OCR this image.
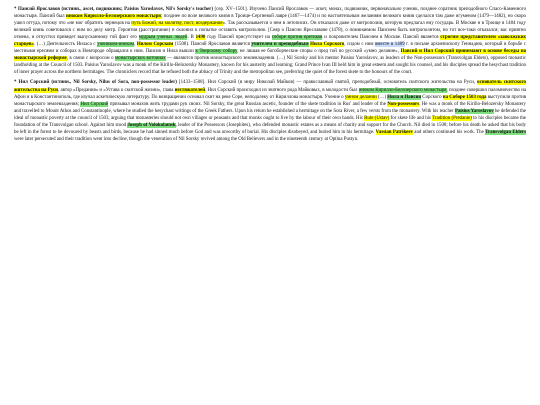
* Паисий Ярославов (истинн., ascet, подвижник; Paisius Yaroslavov, Nil's Sorsky's teacher) [сер. XV–1501]. Изучено Паисий Ярославов — аскет, монах, подвижник, первоначально ученик, позднее соратник преподобного Спасо-Каменного монастыря. Паисий был иноком Кирилло-Белозерского монастыря; позднее по воле великого князя в Троице-Сергиевой лавре (1467—1474) и по настоятельным желаниям великого князя сделался там даже игуменом (1479—1482), но скоро ушел оттуда, потому что «не мог обратить чернецов на путь Божий, на молитву, пост, воздержание». Так рассказывается о нем в летописях. Он отказался даже от митрополии, которую предлагал ему государь. В Москве и в Троице в 1484 году великий князь советовался с ним по делу митр. Геронтия (расстригание) и склонил к попытке оставить митрополию. [Сеяр о Паисии Ярославове (1478), о поминаемом Паисием быть митрополитом, но тот все-таки отказался; вас приятно отмена, и отпустил приведет выпусканному той факт его мудрым ученых людей. В 1490 году Паисий присутствует на соборе против еретиков и покровителем Паисием в Москве. Паисий является строгим представителем «заволжских старцев». (…) Деятельность Ниласа с учеником-иноком, Нилом Сорским (1508). Паисий Ярославов является учителем и преподобным Нила Сорского, сидом с ним вместе в 1489 г. в письме архиепископу Геннадию, который в борьбе с местными ересями и соборах в Новгороде обращался к ним. Паисия и Нила вышли к Тверскому собору, не лишая ее богоборческие споры о пред той по русский «умно делание», Паисий и Нил Сорский принимают в основе беседы по монастырской реформе, в связи с вопросом о монастырских вотчинах — являются против монастырского землевладения. (…) Nil Sorsky and his mentor Paisius Yaroslavov, as leaders of the Non-possessors (Transvolgan Elders), opposed monastic landholding at the Council of 1503. Paisius Yaroslavov was a monk of the Kirillo-Belozersky Monastery, known for his austerity and learning; Grand Prince Ivan III held him in great esteem and sought his counsel, and his disciples spread the hesychast tradition of inner prayer across the northern hermitages. The chroniclers record that he refused both the abbacy of Trinity and the metropolitan see, preferring the quiet of the forest skete to the honours of the court.

* Нил Сорский (истинн., Nil Sorsky, Nilus of Sora, non-possessor leader) [1433–1508]. Нил Сорский (в миру Николай Майков) — православный святой, преподобный, основатель скитского жительства на Руси, основатель скитского жительства на Руси, автор «Предания» и «Устава о скитской жизни», глава нестяжателей. Нил Сорский происходил из знатного рода Майковых, в молодости был иноком Кирилло-Белозерского монастыря, позднее совершил паломничество на Афон и в Константинополь, где изучал аскетическую литературу. По возвращении основал скит на реке Соре, неподалеку от Кириллова монастыря. Учение о умном делании (…) Нила и Паисия Сорского на Соборе 1503 года выступили против монастырского землевладения; Нил Сорский призывал монахов жить трудами рук своих. Nil Sorsky, the great Russian ascetic, founder of the skete tradition in Rus' and leader of the Non-possessors. He was a monk of the Kirillo-Belozersky Monastery and travelled to Mount Athos and Constantinople, where he studied the hesychast writings of the Greek Fathers. Upon his return he established a hermitage on the Sora River, a few versts from the monastery. With his teacher Paisius Yaroslavov he defended the ideal of monastic poverty at the council of 1503, arguing that monasteries should not own villages or peasants and that monks ought to live by the labour of their own hands. His Rule (Ustav) for skete life and his Tradition (Predanie) to his disciples became the foundation of the Transvolgan school. Against him stood Joseph of Volokolamsk, leader of the Possessors (Josephites), who defended monastic estates as a means of charity and support for the Church. Nil died in 1508; before his death he asked that his body be left in the forest to be devoured by beasts and birds, because he had sinned much before God and was unworthy of burial. His disciples disobeyed, and buried him in his hermitage. Vassian Patrikeev and others continued his work. The Transvolgan Elders were later persecuted and their tradition went into decline, though the veneration of Nil Sorsky revived among the Old Believers and in the nineteenth century at Optina Pustyn.
